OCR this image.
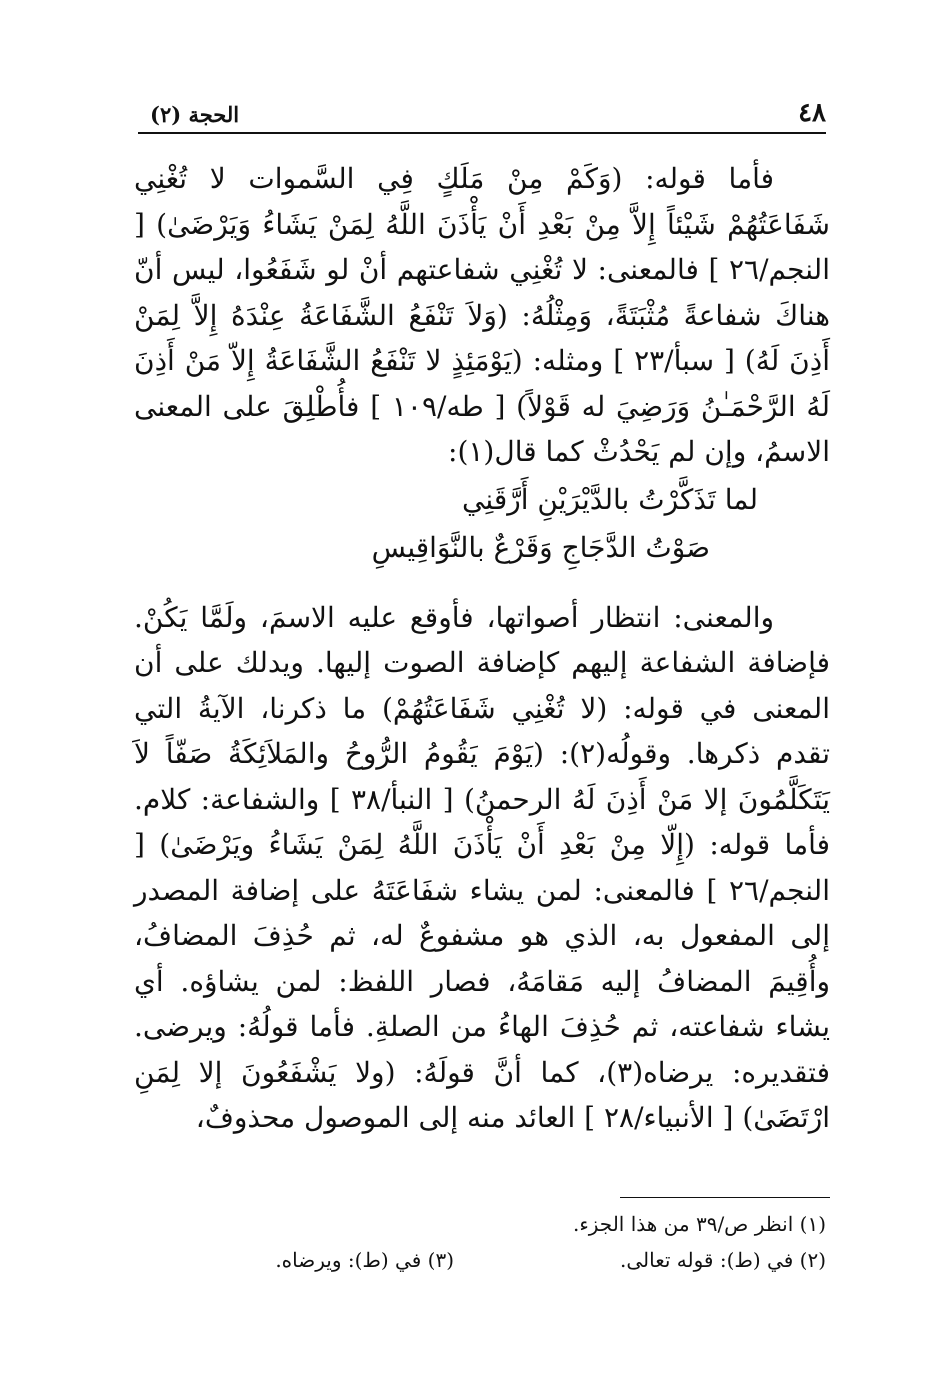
٤٨
الحجة (٢)

فأما قوله: (وَكَمْ مِنْ مَلَكٍ فِي السَّموات لا تُغْنِي شَفَاعَتُهُمْ شَيْئاً إِلاَّ مِنْ بَعْدِ أَنْ يَأْذَنَ اللَّهُ لِمَنْ يَشَاءُ وَيَرْضَىٰ) [ النجم/٢٦ ] فالمعنى: لا تُغْنِي شفاعتهم أنْ لو شَفَعُوا، ليس أنّ هناكَ شفاعةً مُثْبَتَةً، وَمِثْلُهُ: (وَلاَ تَنْفَعُ الشَّفَاعَةُ عِنْدَهُ إِلاَّ لِمَنْ أَذِنَ لَهُ) [ سبأ/٢٣ ] ومثله: (يَوْمَئِذٍ لا تَنْفَعُ الشَّفَاعَةُ إِلاّ مَنْ أَذِنَ لَهُ الرَّحْمَـٰنُ وَرَضِيَ له قَوْلاً) [ طه/١٠٩ ] فأُطْلِقَ على المعنى الاسمُ، وإن لم يَحْدُثْ كما قال(١):

لما تَذَكَّرْتُ بالدَّيْرَيْنِ أَرَّقَنِي
صَوْتُ الدَّجَاجِ وَقَرْعٌ بالنَّوَاقِيسِ

والمعنى: انتظار أصواتها، فأوقع عليه الاسمَ، ولَمَّا يَكُنْ. فإضافة الشفاعة إليهم كإضافة الصوت إليها. ويدلك على أن المعنى في قوله: (لا تُغْنِي شَفَاعَتُهُمْ) ما ذكرنا، الآيةُ التي تقدم ذكرها. وقولُه(٢): (يَوْمَ يَقُومُ الرُّوحُ والمَلاَئِكَةُ صَفّاً لاَ يَتَكَلَّمُونَ إلا مَنْ أَذِنَ لَهُ الرحمنُ) [ النبأ/٣٨ ] والشفاعة: كلام. فأما قوله: (إِلّا مِنْ بَعْدِ أَنْ يَأْذَنَ اللَّهُ لِمَنْ يَشَاءُ ويَرْضَىٰ) [ النجم/٢٦ ] فالمعنى: لمن يشاء شفَاعَتَهُ على إضافة المصدر إلى المفعول به، الذي هو مشفوعٌ له، ثم حُذِفَ المضافُ، وأُقِيمَ المضافُ إليه مَقامَهُ، فصار اللفظ: لمن يشاؤه. أي يشاء شفاعته، ثم حُذِفَ الهاءُ من الصلةِ. فأما قولُهُ: ويرضى. فتقديره: يرضاه(٣)، كما أنَّ قولَهُ: (ولا يَشْفَعُونَ إلا لِمَنِ ارْتَضَىٰ) [ الأنبياء/٢٨ ] العائد منه إلى الموصول محذوفٌ،

(١) انظر ص/٣٩ من هذا الجزء.
(٢) في (ط): قوله تعالى.
(٣) في (ط): ويرضاه.
